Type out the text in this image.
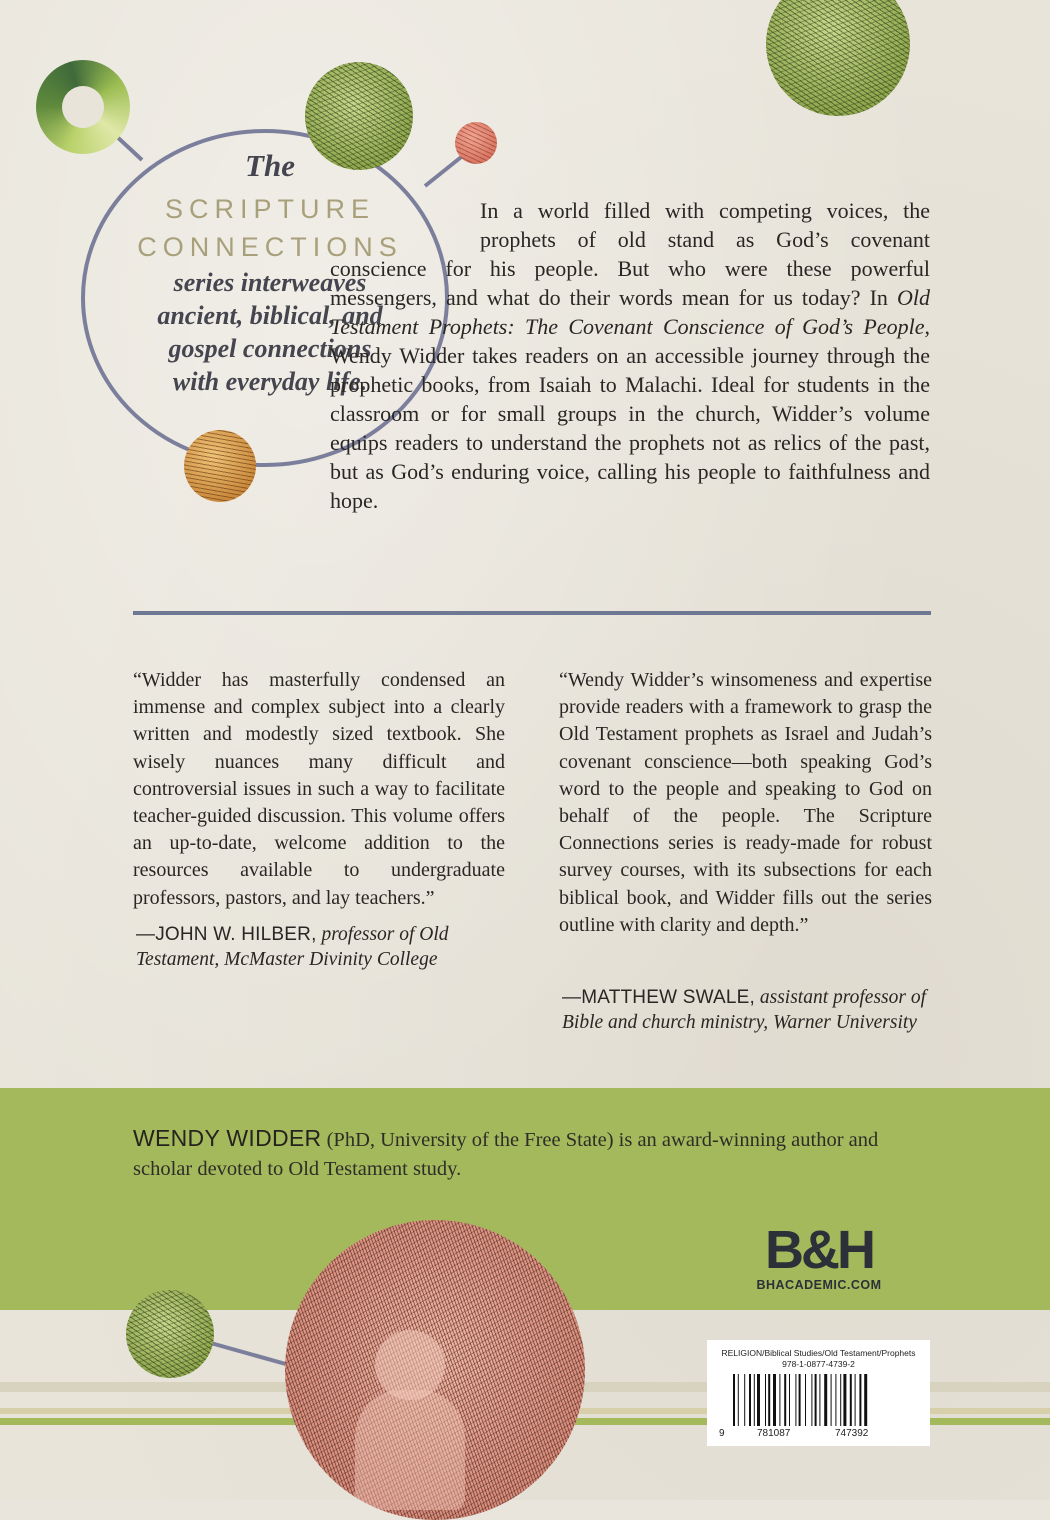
The
SCRIPTURE
CONNECTIONS
series interweaves
ancient, biblical, and
gospel connections
with everyday life.

In a world filled with competing voices, the prophets of old stand as God’s covenant conscience for his people. But who were these powerful messengers, and what do their words mean for us today? In Old Testament Prophets: The Covenant Conscience of God’s People, Wendy Widder takes readers on an accessible journey through the prophetic books, from Isaiah to Malachi. Ideal for students in the classroom or for small groups in the church, Widder’s volume equips readers to understand the prophets not as relics of the past, but as God’s enduring voice, calling his people to faithfulness and hope.

“Widder has masterfully condensed an immense and complex subject into a clearly written and modestly sized textbook. She wisely nuances many difficult and controversial issues in such a way to facilitate teacher-guided discussion. This volume offers an up-to-date, welcome addition to the resources available to undergraduate professors, pastors, and lay teachers.”
—JOHN W. HILBER, professor of Old Testament, McMaster Divinity College
“Wendy Widder’s winsomeness and expertise provide readers with a framework to grasp the Old Testament prophets as Israel and Judah’s covenant conscience—both speaking God’s word to the people and speaking to God on behalf of the people. The Scripture Connections series is ready-made for robust survey courses, with its subsections for each biblical book, and Widder fills out the series outline with clarity and depth.”
—MATTHEW SWALE, assistant professor of Bible and church ministry, Warner University
WENDY WIDDER (PhD, University of the Free State) is an award-winning author and scholar devoted to Old Testament study.
B&H
BHACADEMIC.COM
RELIGION/Biblical Studies/Old Testament/Prophets
978-1-0877-4739-2
9	781087	747392
